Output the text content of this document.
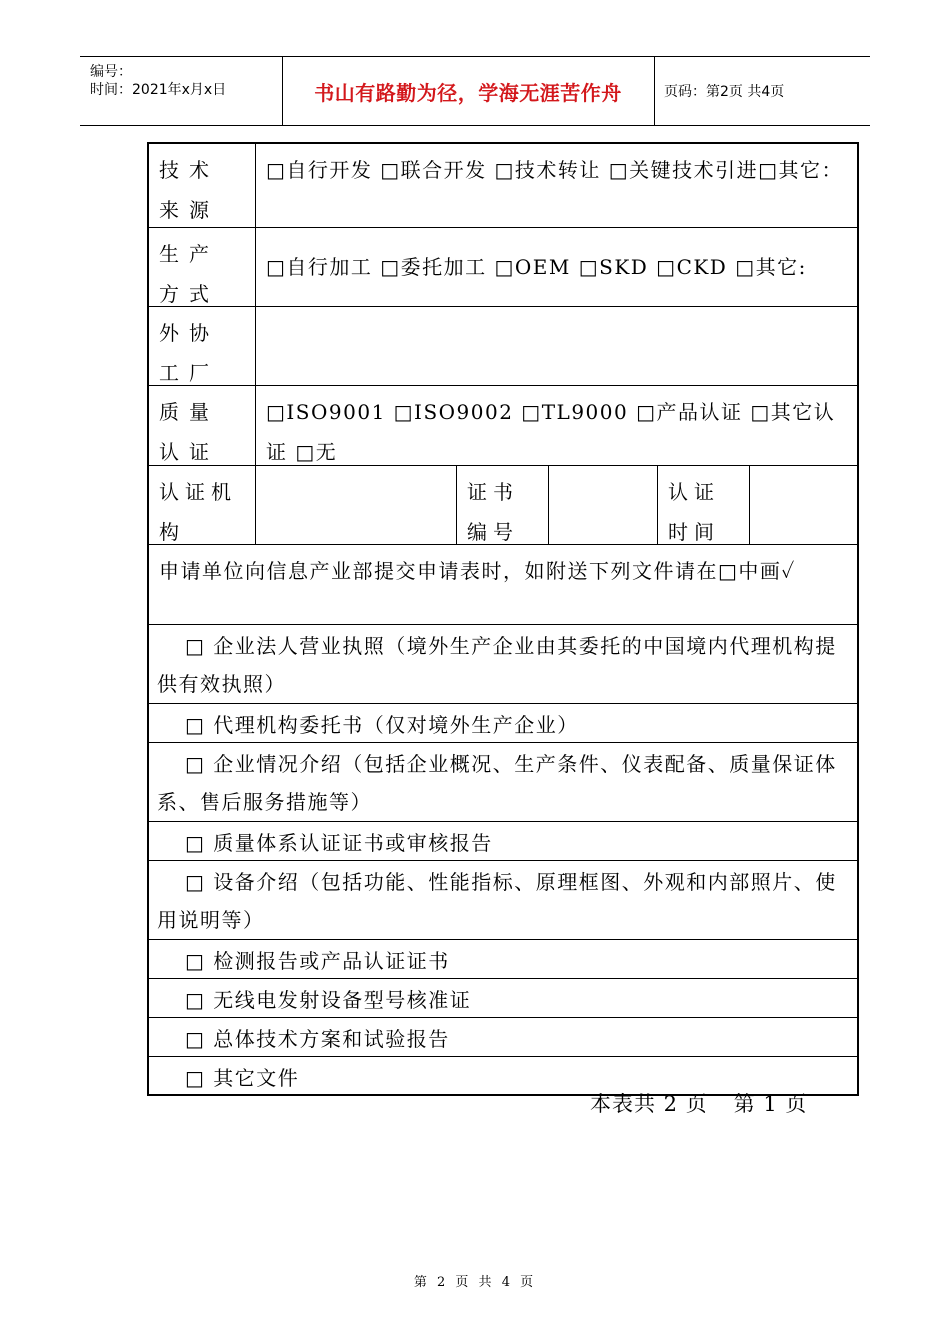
编号：
时间：2021年x月x日	书山有路勤为径，学海无涯苦作舟	页码：第2页 共4页
技术来源
□自行开发 □联合开发 □技术转让 □关键技术引进□其它：
生产方式
□自行加工 □委托加工 □OEM □SKD □CKD □其它:
外协工厂
质量认证
□ISO9001 □ISO9002 □TL9000 □产品认证 □其它认证 □无
认证机构
证书编号
认证时间
申请单位向信息产业部提交申请表时，如附送下列文件请在□中画✓
□ 企业法人营业执照（境外生产企业由其委托的中国境内代理机构提供有效执照）
□ 代理机构委托书（仅对境外生产企业）
□ 企业情况介绍（包括企业概况、生产条件、仪表配备、质量保证体系、售后服务措施等）
□ 质量体系认证证书或审核报告
□ 设备介绍（包括功能、性能指标、原理框图、外观和内部照片、使用说明等）
□ 检测报告或产品认证证书
□ 无线电发射设备型号核准证
□ 总体技术方案和试验报告
□ 其它文件
本表共 2 页 第 1 页
第 2 页 共 4 页
